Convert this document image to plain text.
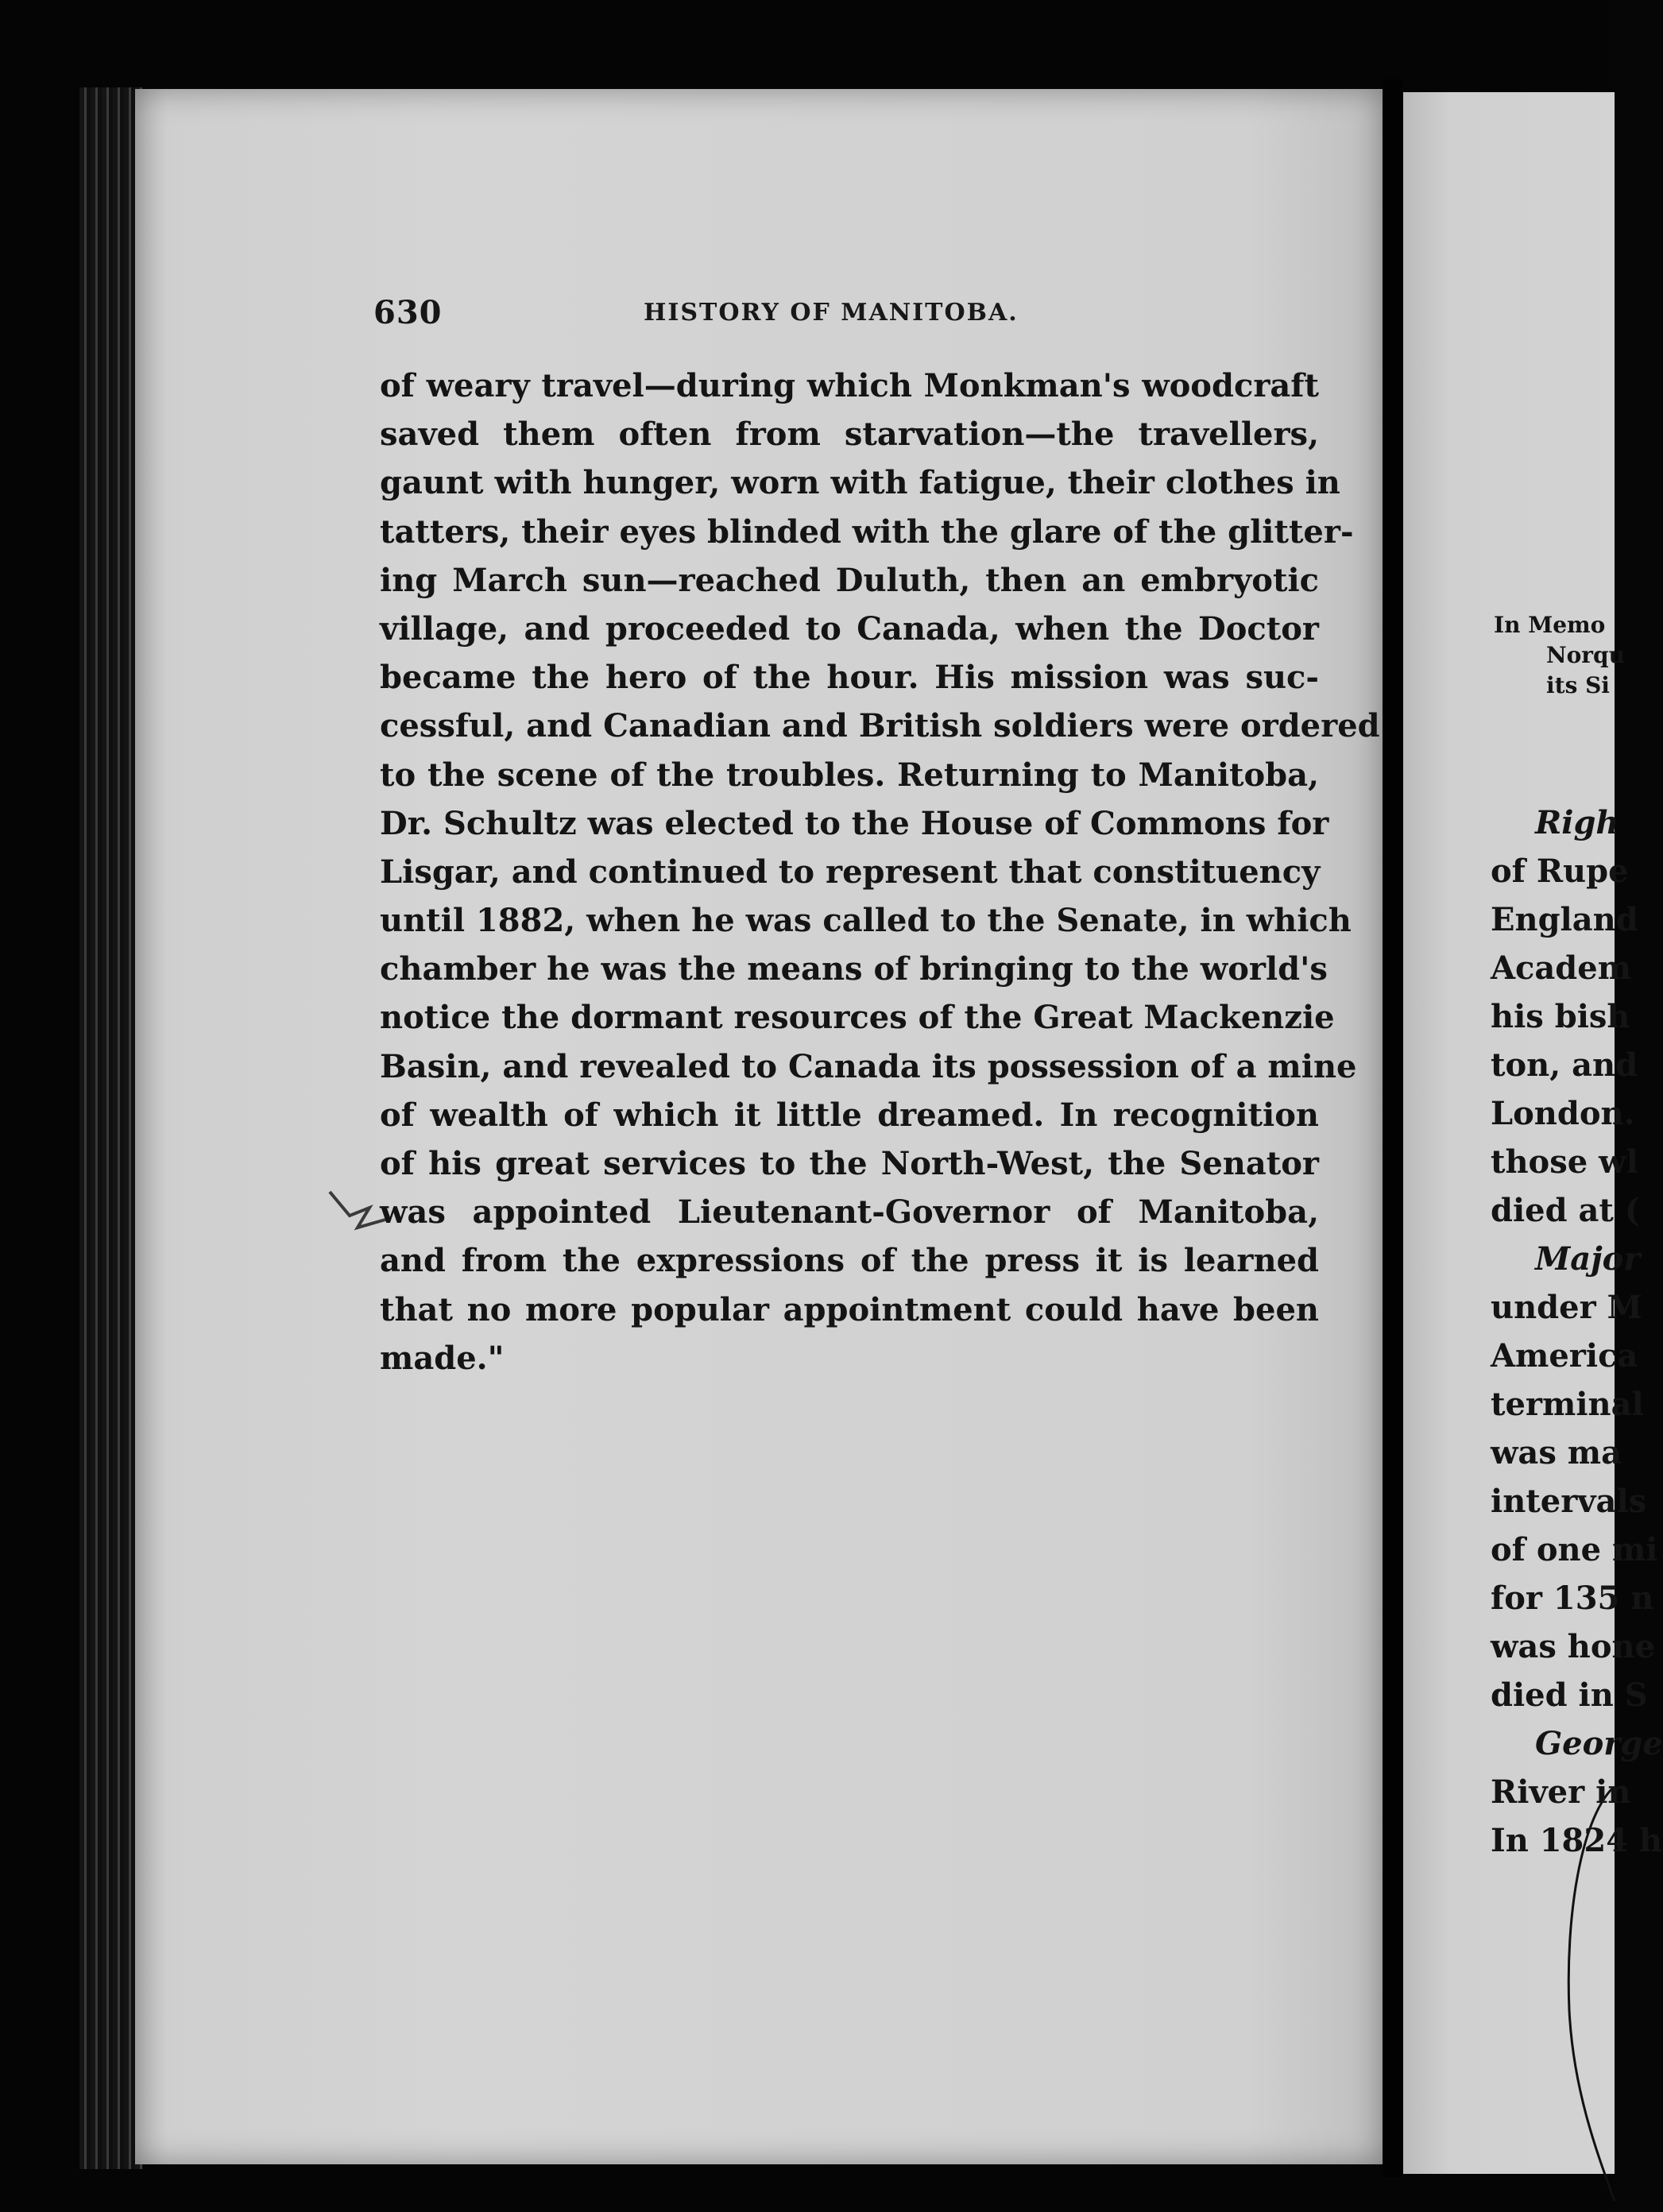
630	HISTORY OF MANITOBA.
of weary travel—during which Monkman's woodcraft
saved them often from starvation—the travellers,
gaunt with hunger, worn with fatigue, their clothes in
tatters, their eyes blinded with the glare of the glitter-
ing March sun—reached Duluth, then an embryotic
village, and proceeded to Canada, when the Doctor
became the hero of the hour. His mission was suc-
cessful, and Canadian and British soldiers were ordered
to the scene of the troubles. Returning to Manitoba,
Dr. Schultz was elected to the House of Commons for
Lisgar, and continued to represent that constituency
until 1882, when he was called to the Senate, in which
chamber he was the means of bringing to the world's
notice the dormant resources of the Great Mackenzie
Basin, and revealed to Canada its possession of a mine
of wealth of which it little dreamed. In recognition
of his great services to the North-West, the Senator
was appointed Lieutenant-Governor of Manitoba,
and from the expressions of the press it is learned
that no more popular appointment could have been
made."
In Memo
Norqu
its Si
Righ
of Rupe
England
Academ
his bish
ton, and
London.
those wl
died at (
Major
under M
America
terminal
was ma
intervals
of one mi
for 135 n
was hone
died in S
George
River in
In 1824 h
